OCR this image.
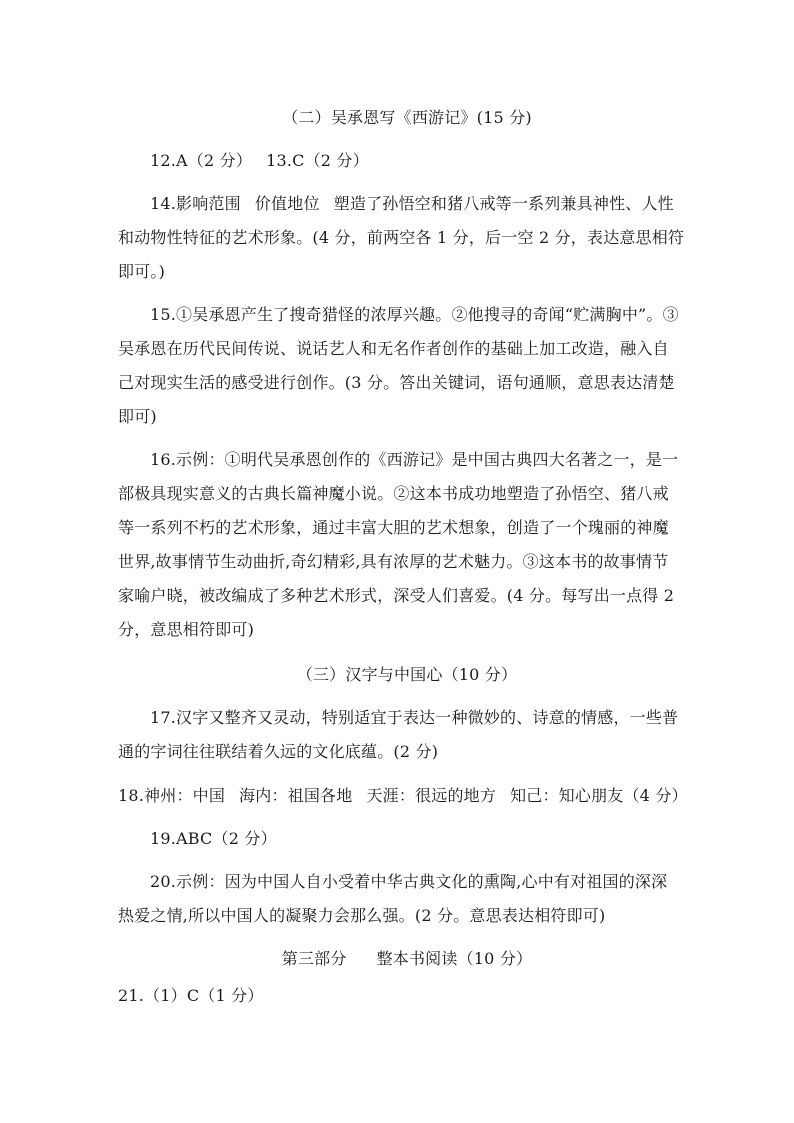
（二）吴承恩写《西游记》(15 分)
12.A（2 分） 13.C（2 分）
14.影响范围 价值地位 塑造了孙悟空和猪八戒等一系列兼具神性、人性
和动物性特征的艺术形象。(4 分，前两空各 1 分，后一空 2 分，表达意思相符
即可。)
15.①吴承恩产生了搜奇猎怪的浓厚兴趣。②他搜寻的奇闻“贮满胸中”。③
吴承恩在历代民间传说、说话艺人和无名作者创作的基础上加工改造，融入自
己对现实生活的感受进行创作。(3 分。答出关键词，语句通顺，意思表达清楚
即可)
16.示例：①明代吴承恩创作的《西游记》是中国古典四大名著之一，是一
部极具现实意义的古典长篇神魔小说。②这本书成功地塑造了孙悟空、猪八戒
等一系列不朽的艺术形象，通过丰富大胆的艺术想象，创造了一个瑰丽的神魔
世界,故事情节生动曲折,奇幻精彩,具有浓厚的艺术魅力。③这本书的故事情节
家喻户晓，被改编成了多种艺术形式，深受人们喜爱。(4 分。每写出一点得 2
分，意思相符即可)
（三）汉字与中国心（10 分）
17.汉字又整齐又灵动，特别适宜于表达一种微妙的、诗意的情感，一些普
通的字词往往联结着久远的文化底蕴。(2 分)
18.神州：中国 海内：祖国各地 天涯：很远的地方 知己：知心朋友（4 分）
19.ABC（2 分）
20.示例：因为中国人自小受着中华古典文化的熏陶,心中有对祖国的深深
热爱之情,所以中国人的凝聚力会那么强。(2 分。意思表达相符即可)
第三部分 整本书阅读（10 分）
21.（1）C（1 分）
